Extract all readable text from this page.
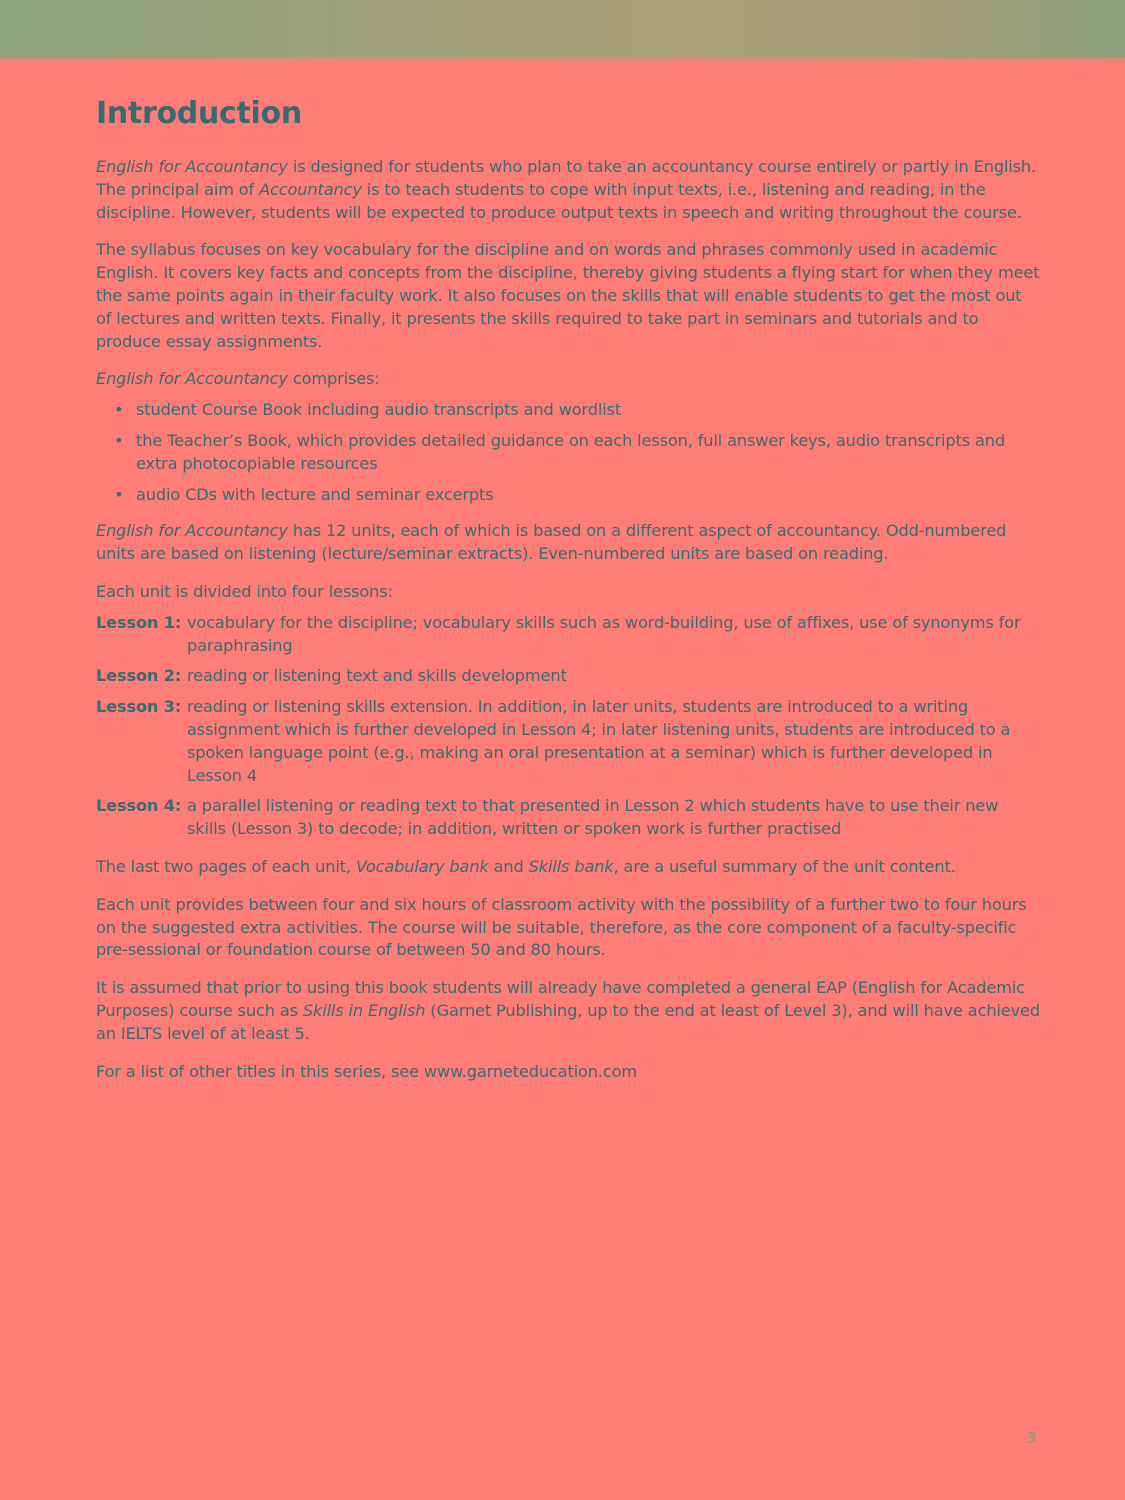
Introduction

English for Accountancy is designed for students who plan to take an accountancy course entirely or partly in English. The principal aim of Accountancy is to teach students to cope with input texts, i.e., listening and reading, in the discipline. However, students will be expected to produce output texts in speech and writing throughout the course.

The syllabus focuses on key vocabulary for the discipline and on words and phrases commonly used in academic English. It covers key facts and concepts from the discipline, thereby giving students a flying start for when they meet the same points again in their faculty work. It also focuses on the skills that will enable students to get the most out of lectures and written texts. Finally, it presents the skills required to take part in seminars and tutorials and to produce essay assignments.

English for Accountancy comprises:

• student Course Book including audio transcripts and wordlist
• the Teacher’s Book, which provides detailed guidance on each lesson, full answer keys, audio transcripts and extra photocopiable resources
• audio CDs with lecture and seminar excerpts

English for Accountancy has 12 units, each of which is based on a different aspect of accountancy. Odd-numbered units are based on listening (lecture/seminar extracts). Even-numbered units are based on reading.

Each unit is divided into four lessons:

Lesson 1: vocabulary for the discipline; vocabulary skills such as word-building, use of affixes, use of synonyms for paraphrasing
Lesson 2: reading or listening text and skills development
Lesson 3: reading or listening skills extension. In addition, in later units, students are introduced to a writing assignment which is further developed in Lesson 4; in later listening units, students are introduced to a spoken language point (e.g., making an oral presentation at a seminar) which is further developed in Lesson 4
Lesson 4: a parallel listening or reading text to that presented in Lesson 2 which students have to use their new skills (Lesson 3) to decode; in addition, written or spoken work is further practised

The last two pages of each unit, Vocabulary bank and Skills bank, are a useful summary of the unit content.

Each unit provides between four and six hours of classroom activity with the possibility of a further two to four hours on the suggested extra activities. The course will be suitable, therefore, as the core component of a faculty-specific pre-sessional or foundation course of between 50 and 80 hours.

It is assumed that prior to using this book students will already have completed a general EAP (English for Academic Purposes) course such as Skills in English (Garnet Publishing, up to the end at least of Level 3), and will have achieved an IELTS level of at least 5.

For a list of other titles in this series, see www.garneteducation.com

3
